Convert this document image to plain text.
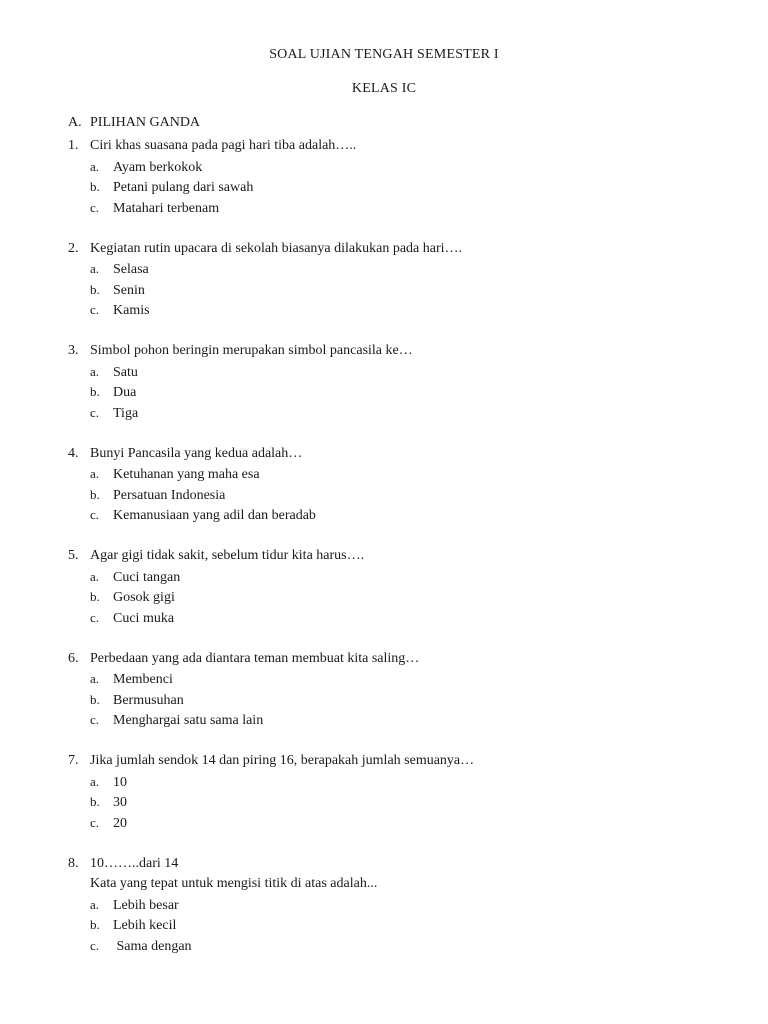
SOAL UJIAN TENGAH SEMESTER I
KELAS IC
A. PILIHAN GANDA
1. Ciri khas suasana pada pagi hari tiba adalah…..
a. Ayam berkokok
b. Petani pulang dari sawah
c. Matahari terbenam
2. Kegiatan rutin upacara di sekolah biasanya dilakukan pada hari….
a. Selasa
b. Senin
c. Kamis
3. Simbol pohon beringin merupakan simbol pancasila ke…
a. Satu
b. Dua
c. Tiga
4. Bunyi Pancasila yang kedua adalah…
a. Ketuhanan yang maha esa
b. Persatuan Indonesia
c. Kemanusiaan yang adil dan beradab
5. Agar gigi tidak sakit, sebelum tidur kita harus….
a. Cuci tangan
b. Gosok gigi
c. Cuci muka
6. Perbedaan yang ada diantara teman membuat kita saling…
a. Membenci
b. Bermusuhan
c. Menghargai satu sama lain
7. Jika jumlah sendok 14 dan piring 16, berapakah jumlah semuanya…
a. 10
b. 30
c. 20
8. 10……..dari 14
Kata yang tepat untuk mengisi titik di atas adalah...
a. Lebih besar
b. Lebih kecil
c. Sama dengan
